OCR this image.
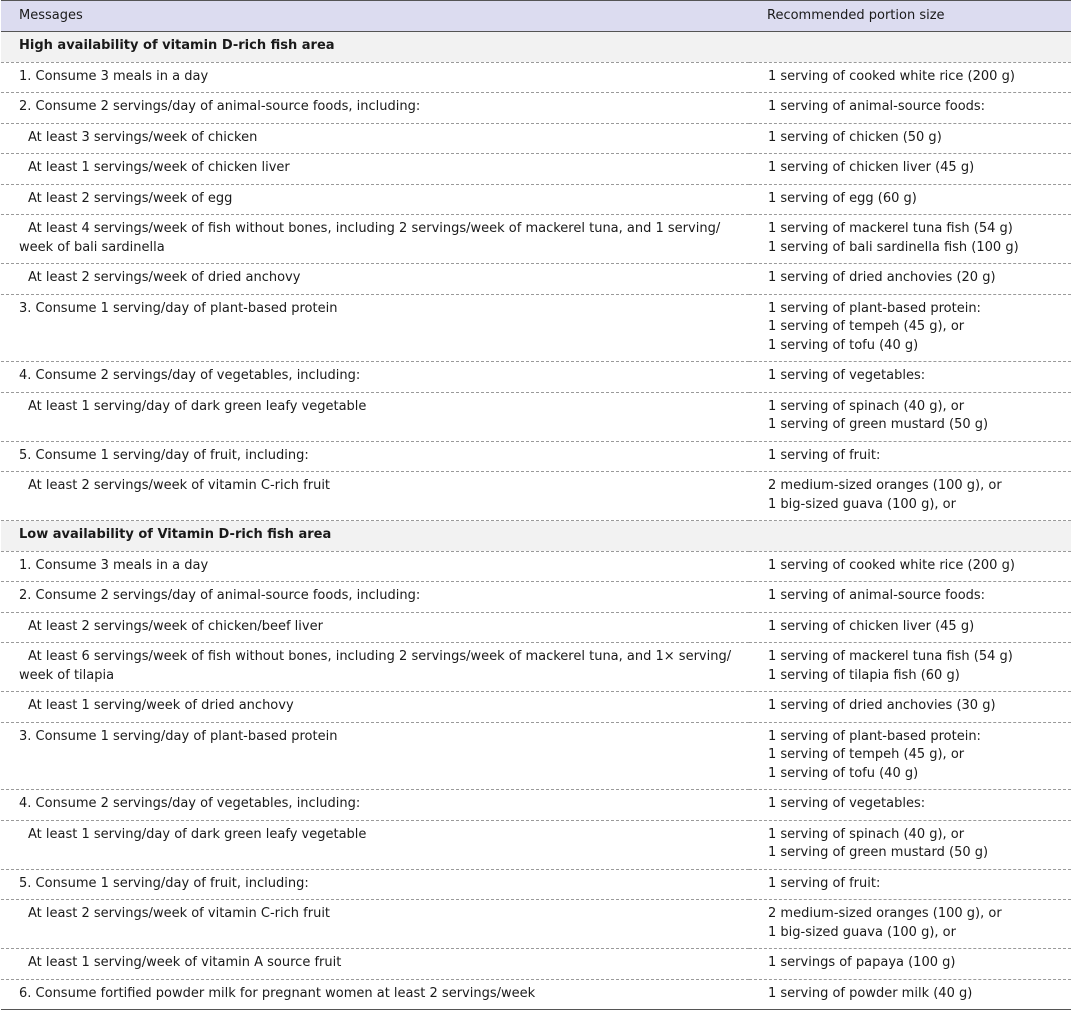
Messages	Recommended portion size
High availability of vitamin D-rich fish area	
1. Consume 3 meals in a day	1 serving of cooked white rice (200 g)

2. Consume 2 servings/day of animal-source foods, including:	1 serving of animal-source foods:

At least 3 servings/week of chicken	1 serving of chicken (50 g)

At least 1 servings/week of chicken liver	1 serving of chicken liver (45 g)

At least 2 servings/week of egg	1 serving of egg (60 g)

At least 4 servings/week of fish without bones, including 2 servings/week of mackerel tuna, and 1 serving/
week of bali sardinella	1 serving of mackerel tuna fish (54 g)
1 serving of bali sardinella fish (100 g)

At least 2 servings/week of dried anchovy	1 serving of dried anchovies (20 g)

3. Consume 1 serving/day of plant-based protein	1 serving of plant-based protein:
1 serving of tempeh (45 g), or
1 serving of tofu (40 g)

4. Consume 2 servings/day of vegetables, including:	1 serving of vegetables:

At least 1 serving/day of dark green leafy vegetable	1 serving of spinach (40 g), or
1 serving of green mustard (50 g)

5. Consume 1 serving/day of fruit, including:	1 serving of fruit:

At least 2 servings/week of vitamin C-rich fruit	2 medium-sized oranges (100 g), or
1 big-sized guava (100 g), or

Low availability of Vitamin D-rich fish area	
1. Consume 3 meals in a day	1 serving of cooked white rice (200 g)

2. Consume 2 servings/day of animal-source foods, including:	1 serving of animal-source foods:

At least 2 servings/week of chicken/beef liver	1 serving of chicken liver (45 g)

At least 6 servings/week of fish without bones, including 2 servings/week of mackerel tuna, and 1× serving/
week of tilapia	1 serving of mackerel tuna fish (54 g)
1 serving of tilapia fish (60 g)

At least 1 serving/week of dried anchovy	1 serving of dried anchovies (30 g)

3. Consume 1 serving/day of plant-based protein	1 serving of plant-based protein:
1 serving of tempeh (45 g), or
1 serving of tofu (40 g)

4. Consume 2 servings/day of vegetables, including:	1 serving of vegetables:

At least 1 serving/day of dark green leafy vegetable	1 serving of spinach (40 g), or
1 serving of green mustard (50 g)

5. Consume 1 serving/day of fruit, including:	1 serving of fruit:

At least 2 servings/week of vitamin C-rich fruit	2 medium-sized oranges (100 g), or
1 big-sized guava (100 g), or

At least 1 serving/week of vitamin A source fruit	1 servings of papaya (100 g)

6. Consume fortified powder milk for pregnant women at least 2 servings/week	1 serving of powder milk (40 g)
